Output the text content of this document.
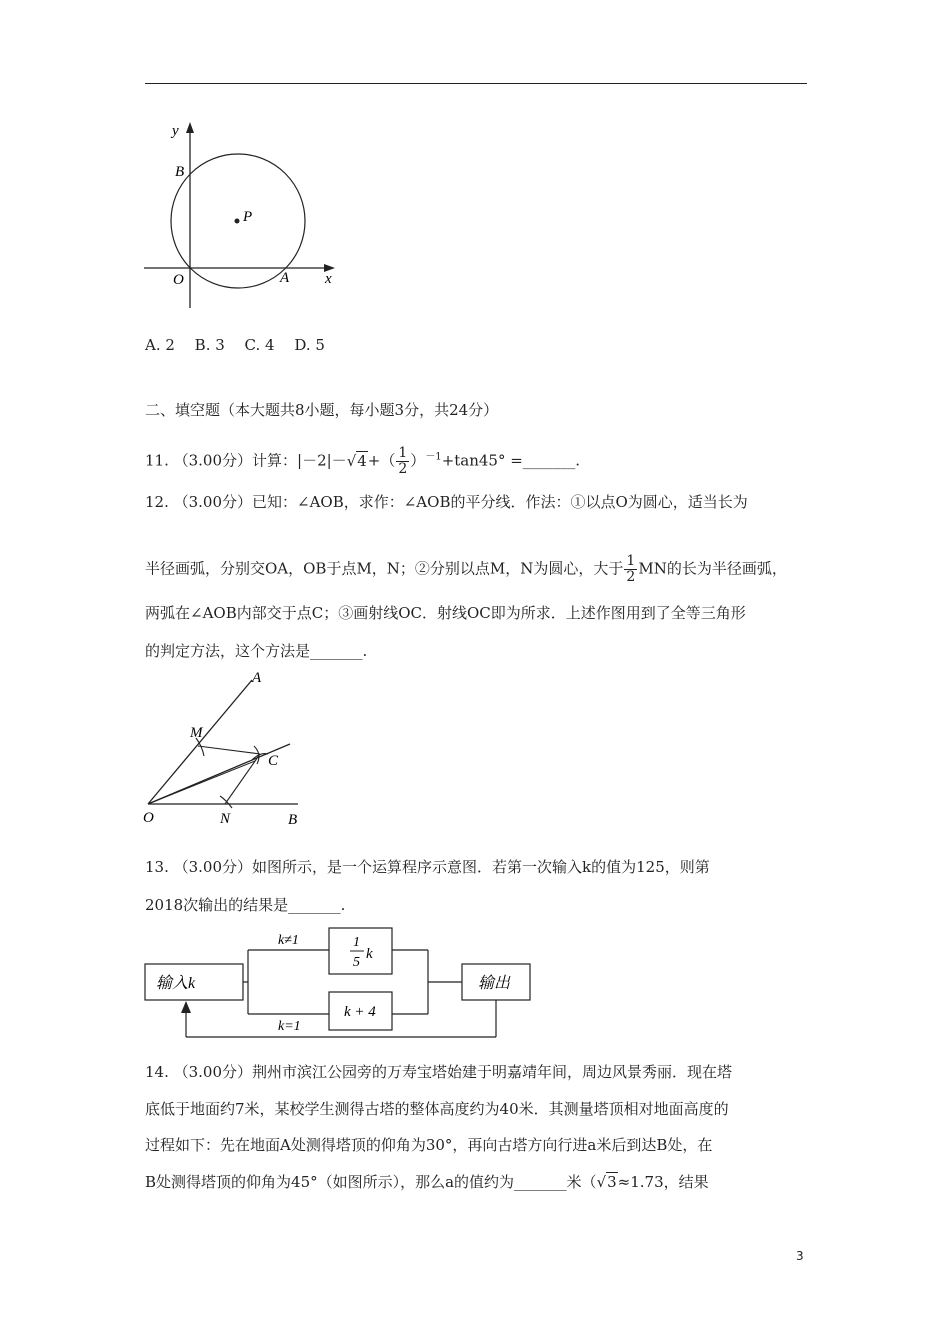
y
B
P
O	A x
A. 2　 B. 3　 C. 4　 D. 5
二、填空题（本大题共8小题，每小题3分，共24分）
11. （3.00分）计算：$|-2|-√4+( \frac{1}{2} )^{-1}+\tan 45^\circ$ =_______.
12. （3.00分）已知：∠AOB，求作：∠AOB的平分线．作法：①以点O为圆心，适当长为
半径画弧，分别交OA，OB于点M，N；②分别以点M，N为圆心，大于 $\frac{1}{2}$ MN的长为半径画弧，
两弧在∠AOB内部交于点C；③画射线OC．射线OC即为所求．上述作图用到了全等三角形
的判定方法，这个方法是_______.
A
M
C
O	N	B
13. （3.00分）如图所示，是一个运算程序示意图．若第一次输入k的值为125，则第
2018次输出的结果是_______.
输入k
1
5
k
k + 4
输出
k≠1
k=1
14. （3.00分）荆州市滨江公园旁的万寿宝塔始建于明嘉靖年间，周边风景秀丽．现在塔
底低于地面约7米，某校学生测得古塔的整体高度约为40米．其测量塔顶相对地面高度的
过程如下：先在地面A处测得塔顶的仰角为30°，再向古塔方向行进a米后到达B处，在
B处测得塔顶的仰角为45°（如图所示），那么a的值约为_______米（√3≈1.73，结果
3
